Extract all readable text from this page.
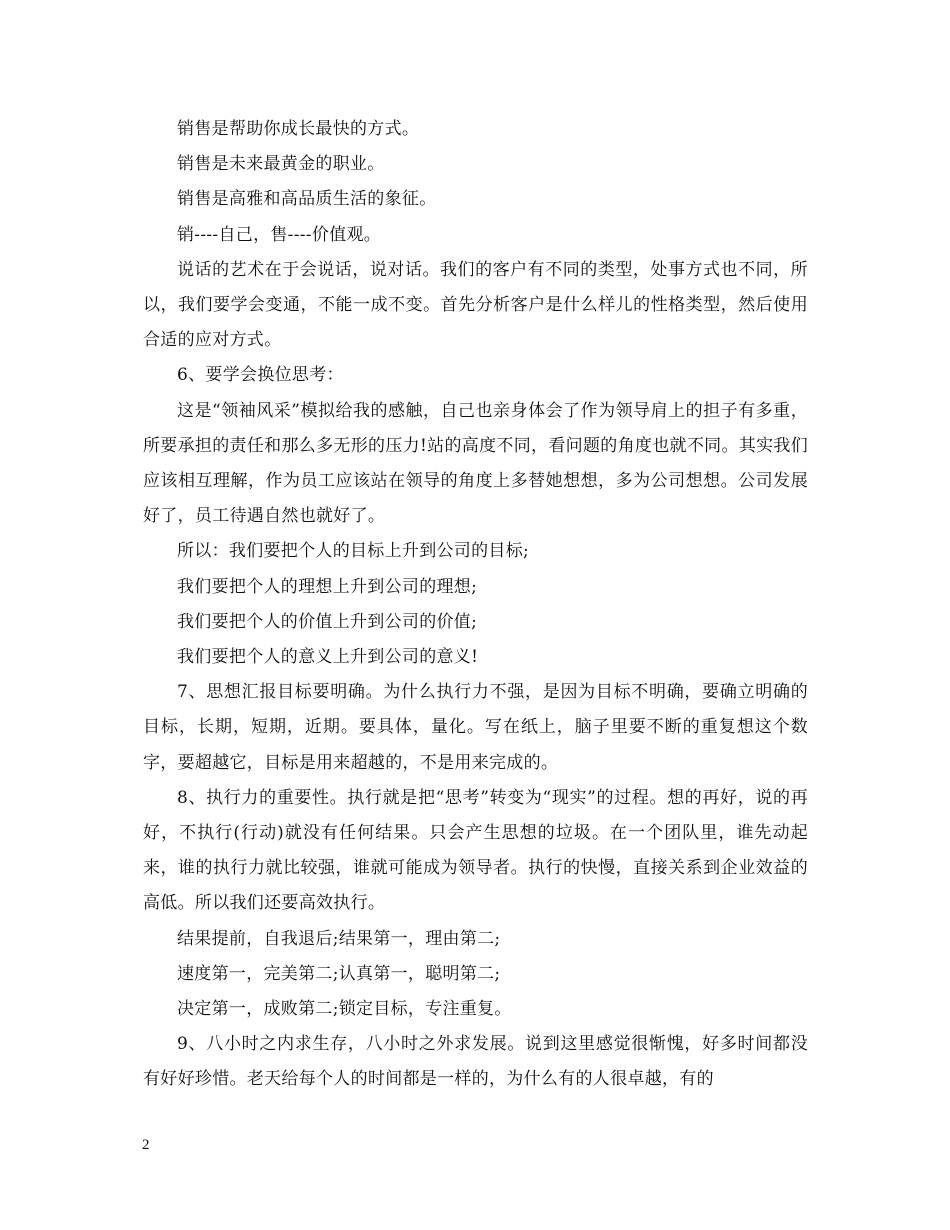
销售是帮助你成长最快的方式。

销售是未来最黄金的职业。

销售是高雅和高品质生活的象征。

销----自己，售----价值观。

说话的艺术在于会说话，说对话。我们的客户有不同的类型，处事方式也不同，所以，我们要学会变通，不能一成不变。首先分析客户是什么样儿的性格类型，然后使用合适的应对方式。

6、要学会换位思考：

这是“领袖风采”模拟给我的感触，自己也亲身体会了作为领导肩上的担子有多重，所要承担的责任和那么多无形的压力!站的高度不同，看问题的角度也就不同。其实我们应该相互理解，作为员工应该站在领导的角度上多替她想想，多为公司想想。公司发展好了，员工待遇自然也就好了。

所以：我们要把个人的目标上升到公司的目标;

我们要把个人的理想上升到公司的理想;

我们要把个人的价值上升到公司的价值;

我们要把个人的意义上升到公司的意义!

7、思想汇报目标要明确。为什么执行力不强，是因为目标不明确，要确立明确的目标，长期，短期，近期。要具体，量化。写在纸上，脑子里要不断的重复想这个数字，要超越它，目标是用来超越的，不是用来完成的。

8、执行力的重要性。执行就是把“思考”转变为“现实”的过程。想的再好，说的再好，不执行(行动)就没有任何结果。只会产生思想的垃圾。在一个团队里，谁先动起来，谁的执行力就比较强，谁就可能成为领导者。执行的快慢，直接关系到企业效益的高低。所以我们还要高效执行。

结果提前，自我退后;结果第一，理由第二;

速度第一，完美第二;认真第一，聪明第二;

决定第一，成败第二;锁定目标，专注重复。

9、八小时之内求生存，八小时之外求发展。说到这里感觉很惭愧，好多时间都没有好好珍惜。老天给每个人的时间都是一样的，为什么有的人很卓越，有的

2
